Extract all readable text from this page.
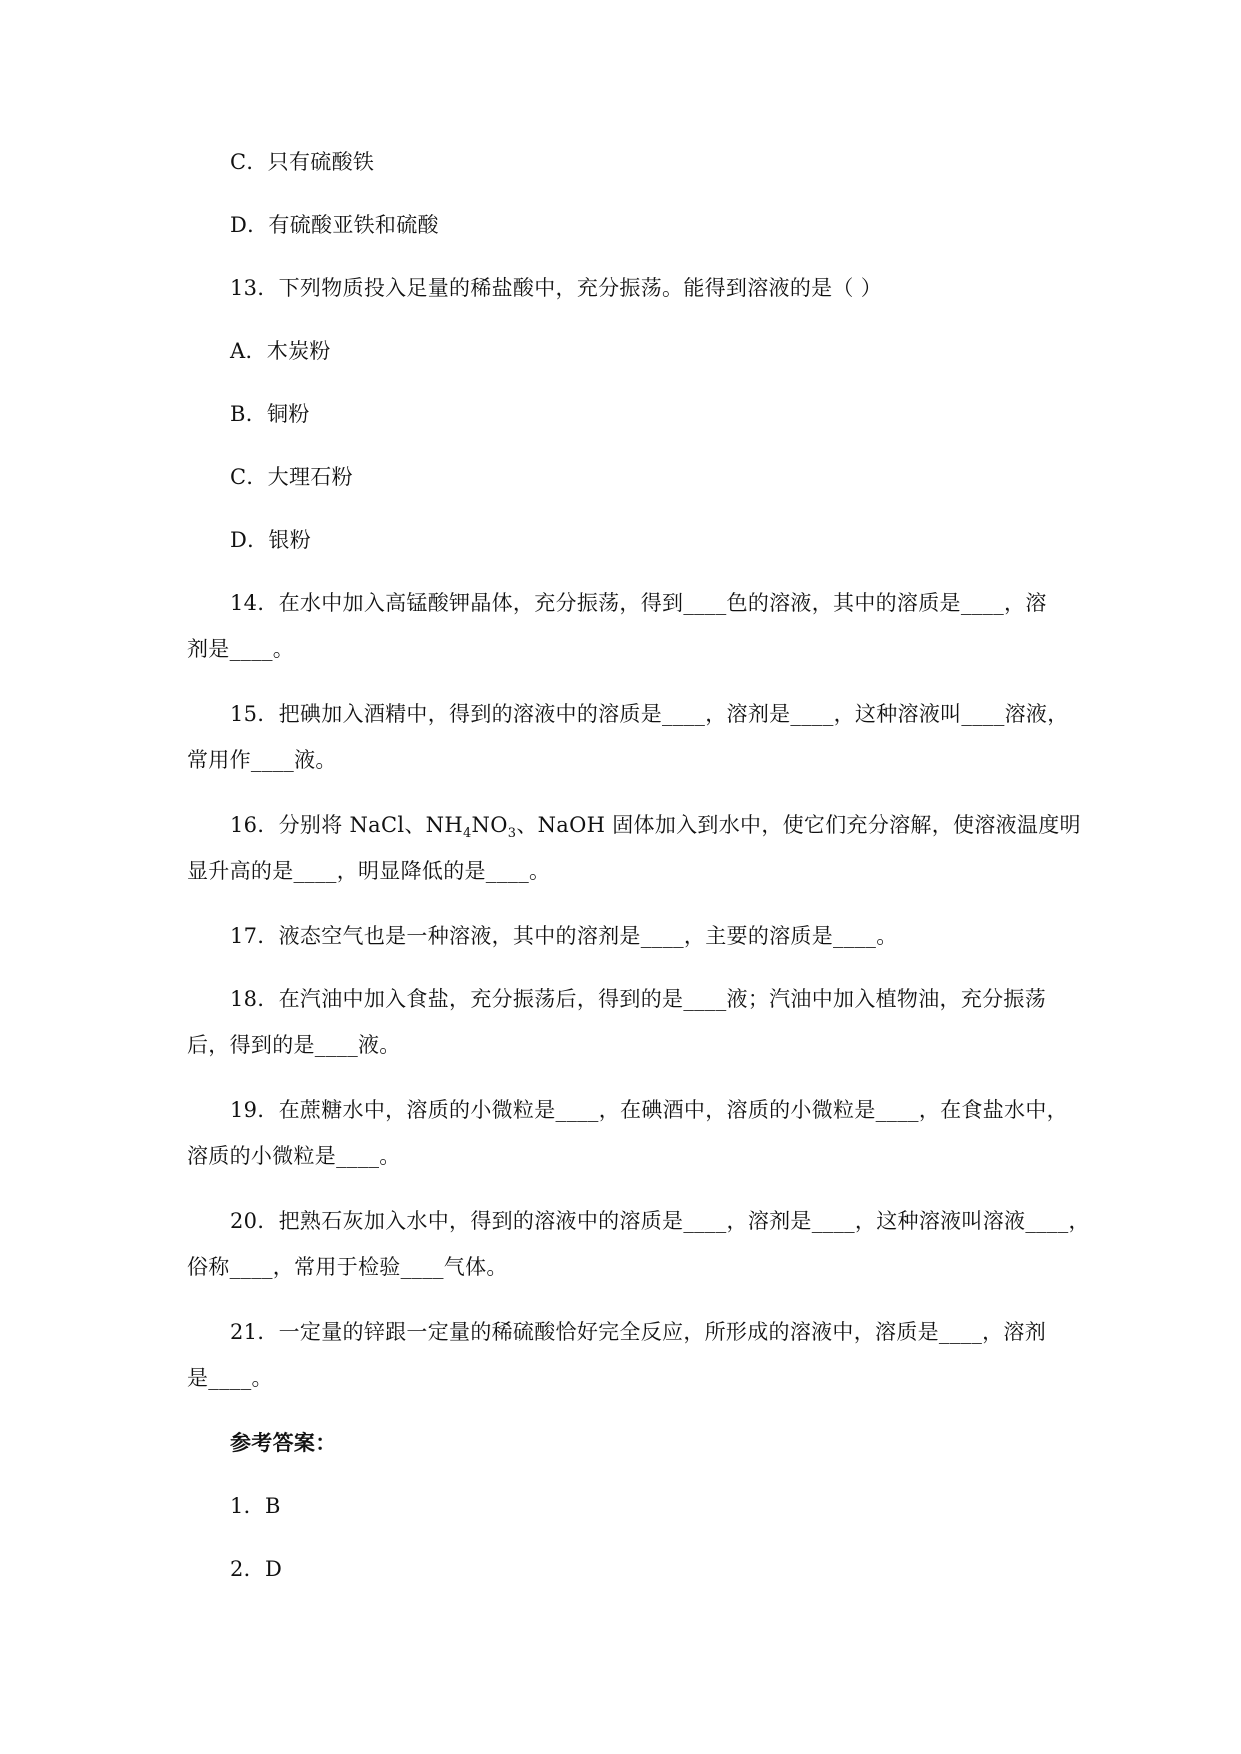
C．只有硫酸铁
D．有硫酸亚铁和硫酸
13．下列物质投入足量的稀盐酸中，充分振荡。能得到溶液的是（ ）
A．木炭粉
B．铜粉
C．大理石粉
D．银粉
14．在水中加入高锰酸钾晶体，充分振荡，得到____色的溶液，其中的溶质是____，溶
剂是____。
15．把碘加入酒精中，得到的溶液中的溶质是____，溶剂是____，这种溶液叫____溶液，
常用作____液。
16．分别将 NaCl、$NH_4NO_3$、NaOH 固体加入到水中，使它们充分溶解，使溶液温度明
显升高的是____，明显降低的是____。
17．液态空气也是一种溶液，其中的溶剂是____，主要的溶质是____。
18．在汽油中加入食盐，充分振荡后，得到的是____液；汽油中加入植物油，充分振荡
后，得到的是____液。
19．在蔗糖水中，溶质的小微粒是____，在碘酒中，溶质的小微粒是____，在食盐水中，
溶质的小微粒是____。
20．把熟石灰加入水中，得到的溶液中的溶质是____，溶剂是____，这种溶液叫溶液____，
俗称____，常用于检验____气体。
21．一定量的锌跟一定量的稀硫酸恰好完全反应，所形成的溶液中，溶质是____，溶剂
是____。
参考答案：
1．B
2．D
